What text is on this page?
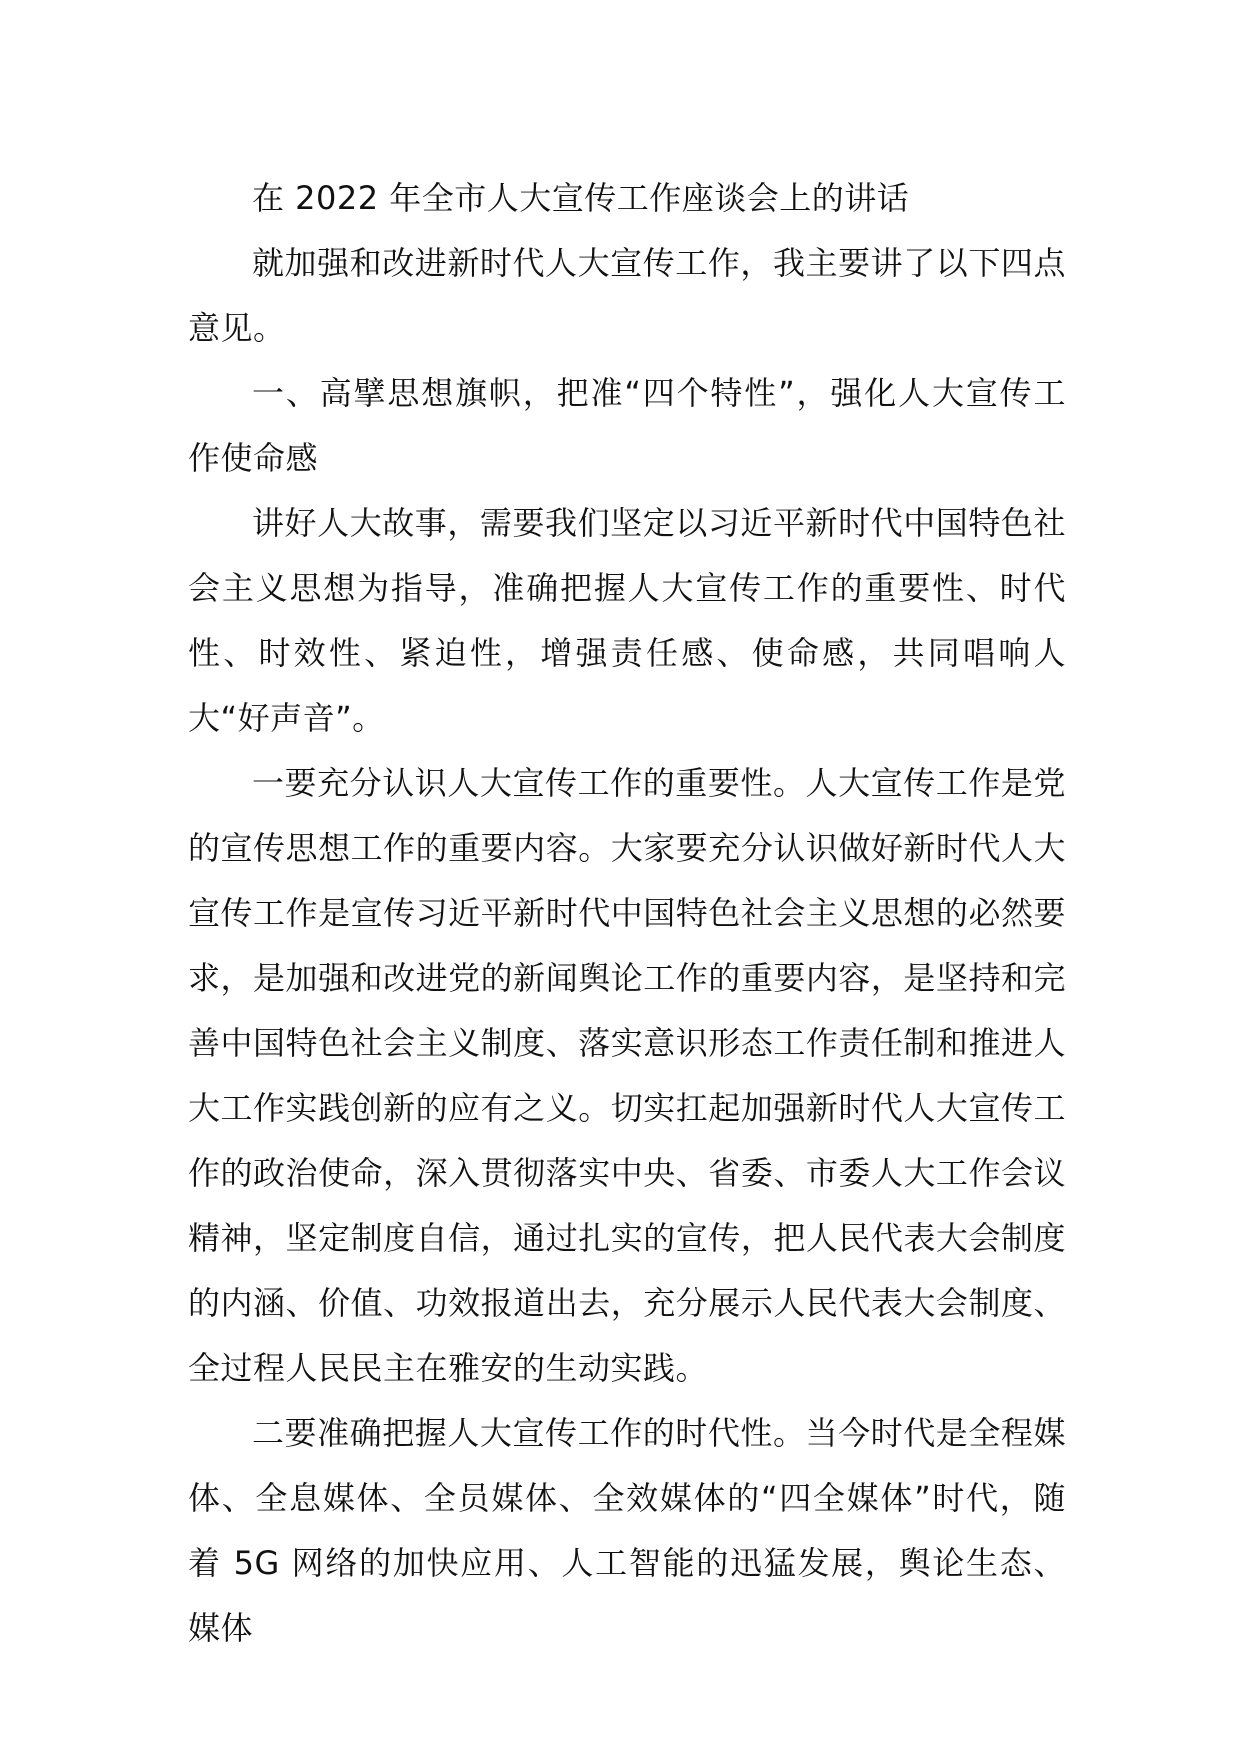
在 2022 年全市人大宣传工作座谈会上的讲话

就加强和改进新时代人大宣传工作，我主要讲了以下四点意见。

一、高擘思想旗帜，把准“四个特性”，强化人大宣传工作使命感

讲好人大故事，需要我们坚定以习近平新时代中国特色社会主义思想为指导，准确把握人大宣传工作的重要性、时代性、时效性、紧迫性，增强责任感、使命感，共同唱响人大“好声音”。

一要充分认识人大宣传工作的重要性。人大宣传工作是党的宣传思想工作的重要内容。大家要充分认识做好新时代人大宣传工作是宣传习近平新时代中国特色社会主义思想的必然要求，是加强和改进党的新闻舆论工作的重要内容，是坚持和完善中国特色社会主义制度、落实意识形态工作责任制和推进人大工作实践创新的应有之义。切实扛起加强新时代人大宣传工作的政治使命，深入贯彻落实中央、省委、市委人大工作会议精神，坚定制度自信，通过扎实的宣传，把人民代表大会制度的内涵、价值、功效报道出去，充分展示人民代表大会制度、全过程人民民主在雅安的生动实践。

二要准确把握人大宣传工作的时代性。当今时代是全程媒体、全息媒体、全员媒体、全效媒体的“四全媒体”时代，随着 5G 网络的加快应用、人工智能的迅猛发展，舆论生态、媒体
